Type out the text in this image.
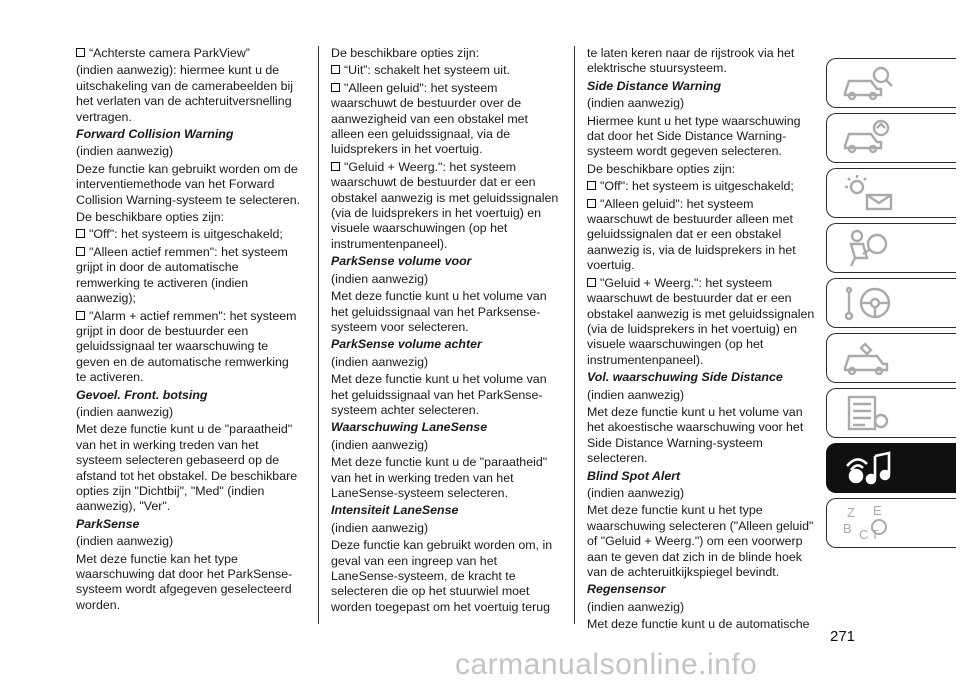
“Achterste camera ParkView”
(indien aanwezig): hiermee kunt u de uitschakeling van de camerabeelden bij het verlaten van de achteruitversnelling vertragen.
Forward Collision Warning
(indien aanwezig)
Deze functie kan gebruikt worden om de interventiemethode van het Forward Collision Warning-systeem te selecteren.
De beschikbare opties zijn:
"Off": het systeem is uitgeschakeld;
"Alleen actief remmen": het systeem grijpt in door de automatische remwerking te activeren (indien aanwezig);
"Alarm + actief remmen": het systeem grijpt in door de bestuurder een geluidssignaal ter waarschuwing te geven en de automatische remwerking te activeren.
Gevoel. Front. botsing
(indien aanwezig)
Met deze functie kunt u de "paraatheid" van het in werking treden van het systeem selecteren gebaseerd op de afstand tot het obstakel. De beschikbare opties zijn "Dichtbij", "Med" (indien aanwezig), "Ver".
ParkSense
(indien aanwezig)
Met deze functie kan het type waarschuwing dat door het ParkSense-systeem wordt afgegeven geselecteerd worden.
De beschikbare opties zijn:
“Uit”: schakelt het systeem uit.
"Alleen geluid": het systeem waarschuwt de bestuurder over de aanwezigheid van een obstakel met alleen een geluidssignaal, via de luidsprekers in het voertuig.
"Geluid + Weerg.": het systeem waarschuwt de bestuurder dat er een obstakel aanwezig is met geluidssignalen (via de luidsprekers in het voertuig) en visuele waarschuwingen (op het instrumentenpaneel).
ParkSense volume voor
(indien aanwezig)
Met deze functie kunt u het volume van het geluidssignaal van het Parksense-systeem voor selecteren.
ParkSense volume achter
(indien aanwezig)
Met deze functie kunt u het volume van het geluidssignaal van het ParkSense-systeem achter selecteren.
Waarschuwing LaneSense
(indien aanwezig)
Met deze functie kunt u de "paraatheid" van het in werking treden van het LaneSense-systeem selecteren.
Intensiteit LaneSense
(indien aanwezig)
Deze functie kan gebruikt worden om, in geval van een ingreep van het LaneSense-systeem, de kracht te selecteren die op het stuurwiel moet worden toegepast om het voertuig terug
te laten keren naar de rijstrook via het elektrische stuursysteem.
Side Distance Warning
(indien aanwezig)
Hiermee kunt u het type waarschuwing dat door het Side Distance Warning-systeem wordt gegeven selecteren.
De beschikbare opties zijn:
"Off": het systeem is uitgeschakeld;
"Alleen geluid": het systeem waarschuwt de bestuurder alleen met geluidssignalen dat er een obstakel aanwezig is, via de luidsprekers in het voertuig.
"Geluid + Weerg.": het systeem waarschuwt de bestuurder dat er een obstakel aanwezig is met geluidssignalen (via de luidsprekers in het voertuig) en visuele waarschuwingen (op het instrumentenpaneel).
Vol. waarschuwing Side Distance
(indien aanwezig)
Met deze functie kunt u het volume van het akoestische waarschuwing voor het Side Distance Warning-systeem selecteren.
Blind Spot Alert
(indien aanwezig)
Met deze functie kunt u het type waarschuwing selecteren ("Alleen geluid" of "Geluid + Weerg.") om een voorwerp aan te geven dat zich in de blinde hoek van de achteruitkijkspiegel bevindt.
Regensensor
(indien aanwezig)
Met deze functie kunt u de automatische
Z E
B C T
271
carmanualsonline.info
